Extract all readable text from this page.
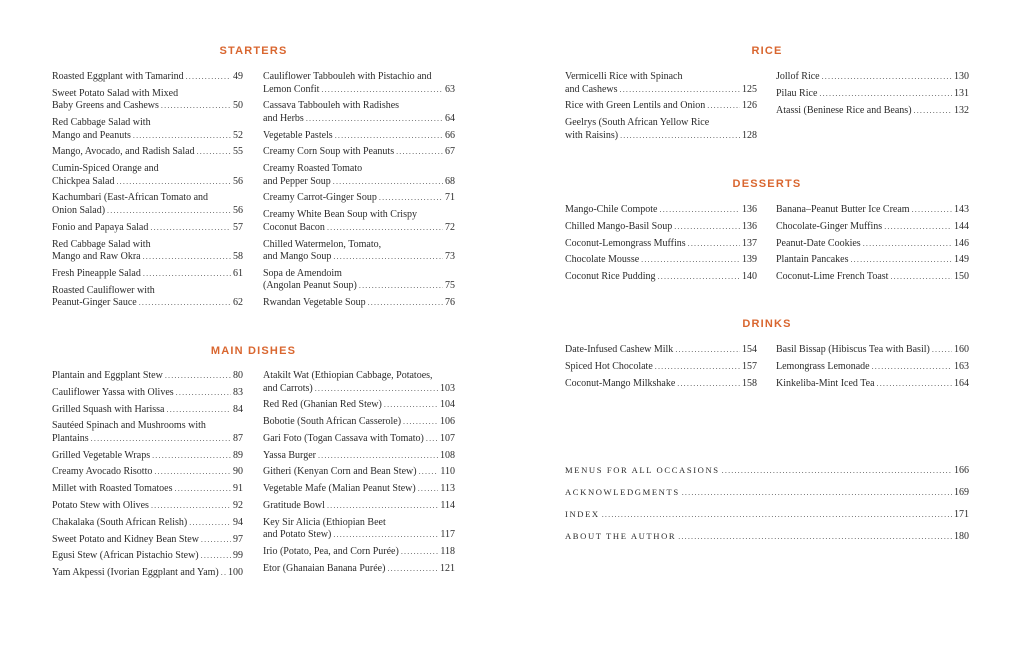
STARTERS
Roasted Eggplant with Tamarind .....	49
Sweet Potato Salad with Mixed
Baby Greens and Cashews .....	50
Red Cabbage Salad with
Mango and Peanuts .....	52
Mango, Avocado, and Radish Salad .....	55
Cumin-Spiced Orange and
Chickpea Salad .....	56
Kachumbari (East-African Tomato and
Onion Salad) .....	56
Fonio and Papaya Salad .....	57
Red Cabbage Salad with
Mango and Raw Okra .....	58
Fresh Pineapple Salad .....	61
Roasted Cauliflower with
Peanut-Ginger Sauce .....	62
Cauliflower Tabbouleh with Pistachio and
Lemon Confit .....	63
Cassava Tabbouleh with Radishes
and Herbs .....	64
Vegetable Pastels .....	66
Creamy Corn Soup with Peanuts .....	67
Creamy Roasted Tomato
and Pepper Soup .....	68
Creamy Carrot-Ginger Soup .....	71
Creamy White Bean Soup with Crispy
Coconut Bacon .....	72
Chilled Watermelon, Tomato,
and Mango Soup .....	73
Sopa de Amendoim
(Angolan Peanut Soup) .....	75
Rwandan Vegetable Soup .....	76
MAIN DISHES
Plantain and Eggplant Stew .....	80
Cauliflower Yassa with Olives .....	83
Grilled Squash with Harissa .....	84
Sautéed Spinach and Mushrooms with
Plantains .....	87
Grilled Vegetable Wraps .....	89
Creamy Avocado Risotto .....	90
Millet with Roasted Tomatoes .....	91
Potato Stew with Olives .....	92
Chakalaka (South African Relish) .....	94
Sweet Potato and Kidney Bean Stew .....	97
Egusi Stew (African Pistachio Stew) .....	99
Yam Akpessi (Ivorian Eggplant and Yam) ..... 100
Atakilt Wat (Ethiopian Cabbage, Potatoes,
and Carrots) .....	103
Red Red (Ghanian Red Stew) .....	104
Bobotie (South African Casserole) .....	106
Gari Foto (Togan Cassava with Tomato) ..... 107
Yassa Burger .....	108
Githeri (Kenyan Corn and Bean Stew) ..... 110
Vegetable Mafe (Malian Peanut Stew) ..... 113
Gratitude Bowl .....	114
Key Sir Alicia (Ethiopian Beet
and Potato Stew) .....	117
Irio (Potato, Pea, and Corn Purée) .....	118
Etor (Ghanaian Banana Purée) .....	121
RICE
Vermicelli Rice with Spinach
and Cashews .....	125
Rice with Green Lentils and Onion .....	126
Geelrys (South African Yellow Rice
with Raisins) .....	128
Jollof Rice .....	130
Pilau Rice .....	131
Atassi (Beninese Rice and Beans) .....	132
DESSERTS
Mango-Chile Compote .....	136
Chilled Mango-Basil Soup .....	136
Coconut-Lemongrass Muffins .....	137
Chocolate Mousse .....	139
Coconut Rice Pudding .....	140
Banana–Peanut Butter Ice Cream .....	143
Chocolate-Ginger Muffins .....	144
Peanut-Date Cookies .....	146
Plantain Pancakes .....	149
Coconut-Lime French Toast .....	150
DRINKS
Date-Infused Cashew Milk .....	154
Spiced Hot Chocolate .....	157
Coconut-Mango Milkshake .....	158
Basil Bissap (Hibiscus Tea with Basil) ..... 160
Lemongrass Lemonade .....	163
Kinkeliba-Mint Iced Tea .....	164
MENUS FOR ALL OCCASIONS .....	166
ACKNOWLEDGMENTS .....	169
INDEX .....	171
ABOUT THE AUTHOR .....	180
